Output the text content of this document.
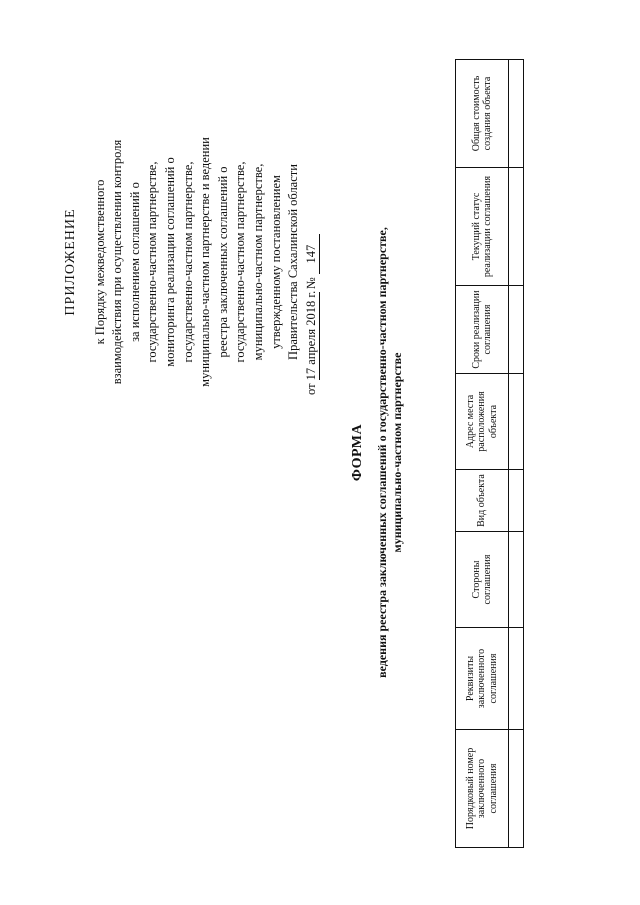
ПРИЛОЖЕНИЕ к Порядку межведомственного взаимодействия при осуществлении контроля за исполнением соглашений о государственно-частном партнерстве, мониторинга реализации соглашений о государственно-частном партнерстве, муниципально-частном партнерстве и ведении реестра заключенных соглашений о государственно-частном партнерстве, муниципально-частном партнерстве, утвержденному постановлением Правительства Сахалинской области
от 17 апреля 2018 г. № 147
ФОРМА ведения реестра заключенных соглашений о государственно-частном партнерстве, муниципально-частном партнерстве
Порядковый номер заключенного соглашения	Реквизиты заключенного соглашения	Стороны соглашения	Вид объекта	Адрес места расположения объекта	Сроки реализации соглашения	Текущий статус реализации соглашения	Общая стоимость создания объекта
